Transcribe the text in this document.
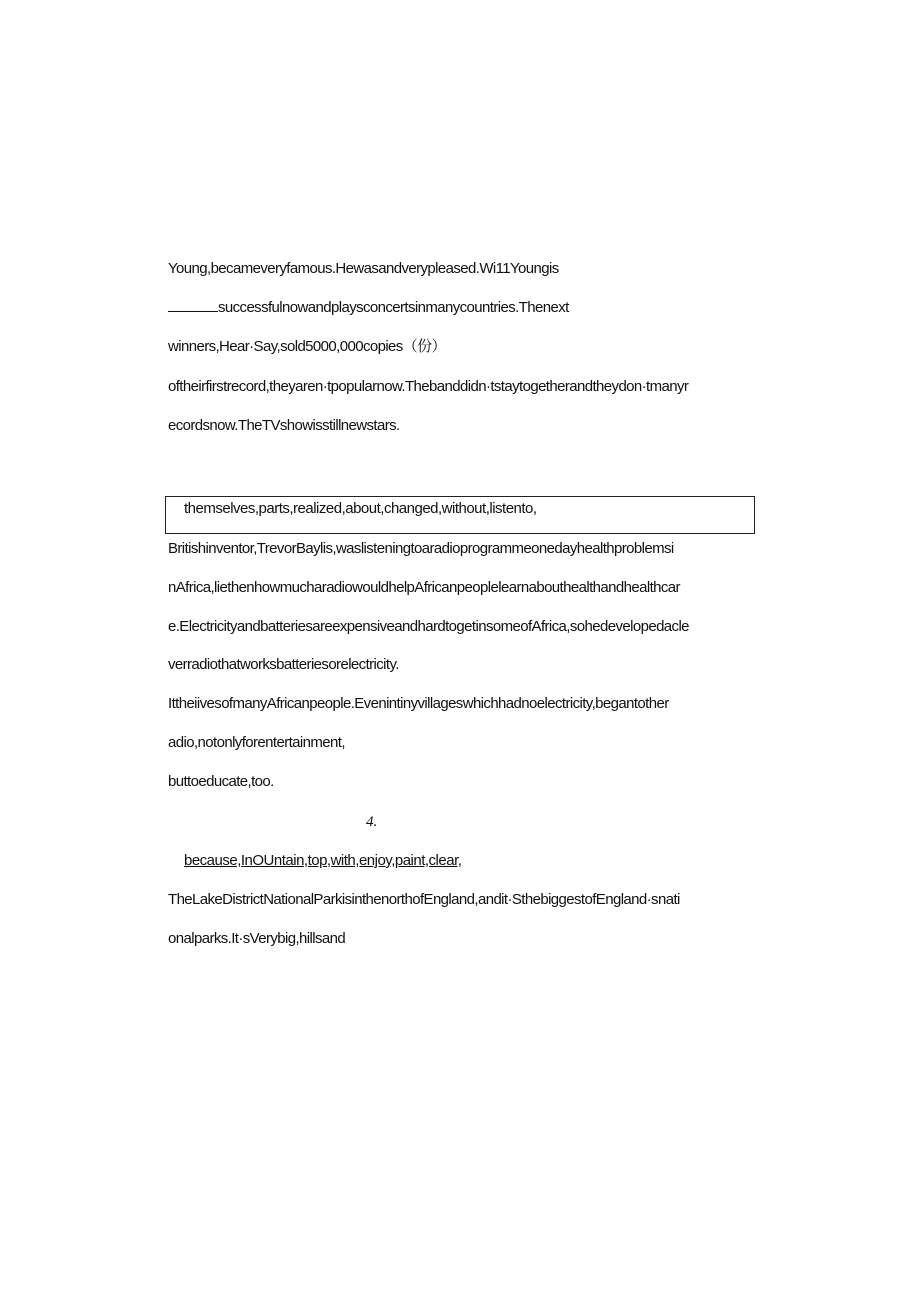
Young,becameveryfamous.Hewasandverypleased.Wi11Youngis
successfulnowandplaysconcertsinmanycountries.Thenext
winners,Hear·Say,sold5000,000copies（份）
oftheirfirstrecord,theyaren·tpopularnow.Thebanddidn·tstaytogetherandtheydon·tmanyr
ecordsnow.TheTVshowisstillnewstars.
themselves,parts,realized,about,changed,without,listento,
Britishinventor,TrevorBaylis,waslisteningtoaradioprogrammeonedayhealthproblemsi
nAfrica,liethenhowmucharadiowouldhelpAfricanpeoplelearnabouthealthandhealthcar
e.ElectricityandbatteriesareexpensiveandhardtogetinsomeofAfrica,sohedevelopedacle
verradiothatworksbatteriesorelectricity.
IttheiivesofmanyAfricanpeople.Evenintinyvillageswhichhadnoelectricity,begantother
adio,notonlyforentertainment,
buttoeducate,too.
4.
because,InOUntain,top,with,enjoy,paint,clear,
TheLakeDistrictNationalParkisinthenorthofEngland,andit·SthebiggestofEngland·snati
onalparks.It·sVerybig,hillsand
